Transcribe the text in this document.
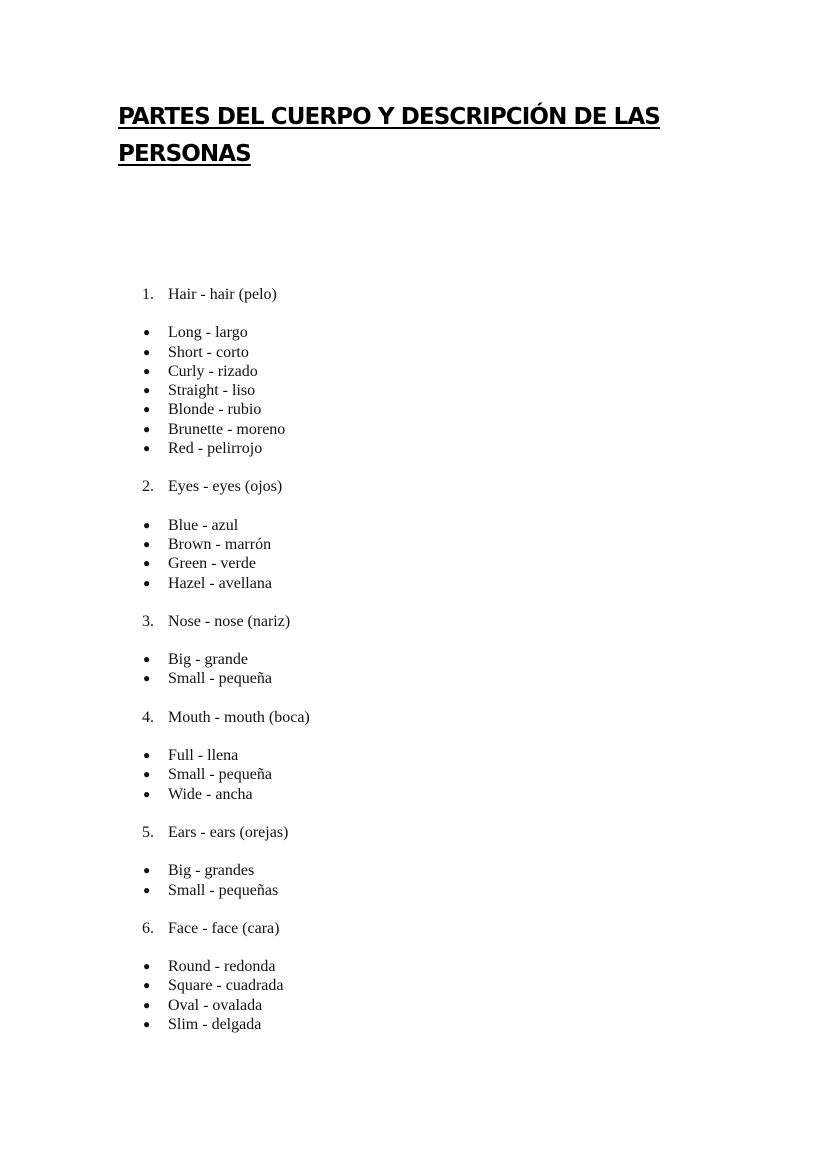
PARTES DEL CUERPO Y DESCRIPCIÓN DE LAS PERSONAS
1. Hair - hair (pelo)
● Long - largo
● Short - corto
● Curly - rizado
● Straight - liso
● Blonde - rubio
● Brunette - moreno
● Red - pelirrojo
2. Eyes - eyes (ojos)
● Blue - azul
● Brown - marrón
● Green - verde
● Hazel - avellana
3. Nose - nose (nariz)
● Big - grande
● Small - pequeña
4. Mouth - mouth (boca)
● Full - llena
● Small - pequeña
● Wide - ancha
5. Ears - ears (orejas)
● Big - grandes
● Small - pequeñas
6. Face - face (cara)
● Round - redonda
● Square - cuadrada
● Oval - ovalada
● Slim - delgada
